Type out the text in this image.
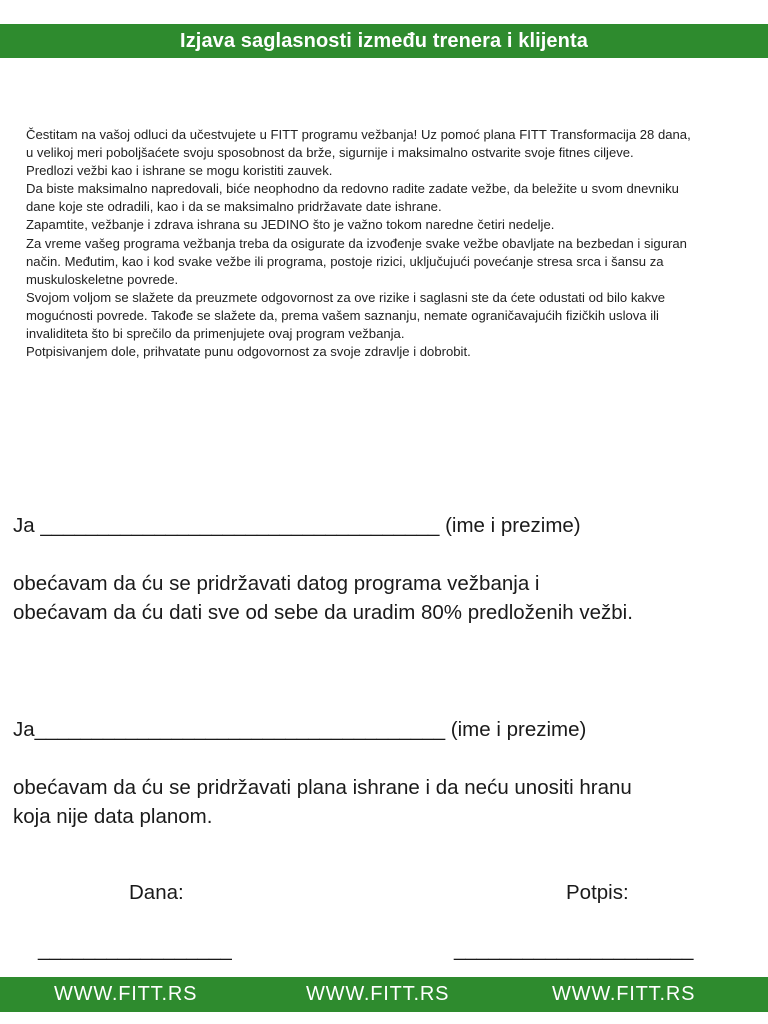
Izjava saglasnosti između trenera i klijenta

Čestitam na vašoj odluci da učestvujete u FITT programu vežbanja! Uz pomoć plana FITT Transformacija 28 dana,

u velikoj meri poboljšaćete svoju sposobnost da brže, sigurnije i maksimalno ostvarite svoje fitnes ciljeve.

Predlozi vežbi kao i ishrane se mogu koristiti zauvek.

Da biste maksimalno napredovali, biće neophodno da redovno radite zadate vežbe, da beležite u svom dnevniku

dane koje ste odradili, kao i da se maksimalno pridržavate date ishrane.

Zapamtite, vežbanje i zdrava ishrana su JEDINO što je važno tokom naredne četiri nedelje.

Za vreme vašeg programa vežbanja treba da osigurate da izvođenje svake vežbe obavljate na bezbedan i siguran

način. Međutim, kao i kod svake vežbe ili programa, postoje rizici, uključujući povećanje stresa srca i šansu za

muskuloskeletne povrede.

Svojom voljom se slažete da preuzmete odgovornost za ove rizike i saglasni ste da ćete odustati od bilo kakve

mogućnosti povrede. Takođe se slažete da, prema vašem saznanju, nemate ograničavajućih fizičkih uslova ili

invaliditeta što bi sprečilo da primenjujete ovaj program vežbanja.

Potpisivanjem dole, prihvatate punu odgovornost za svoje zdravlje i dobrobit.

Ja ___________________________________ (ime i prezime)

obećavam da ću se pridržavati datog programa vežbanja i

obećavam da ću dati sve od sebe da uradim 80% predloženih vežbi.

Ja____________________________________ (ime i prezime)

obećavam da ću se pridržavati plana ishrane i da neću unositi hranu

koja nije data planom.

Dana:	Potpis:

_________________	_____________________

WWW.FITT.RS	WWW.FITT.RS	WWW.FITT.RS
